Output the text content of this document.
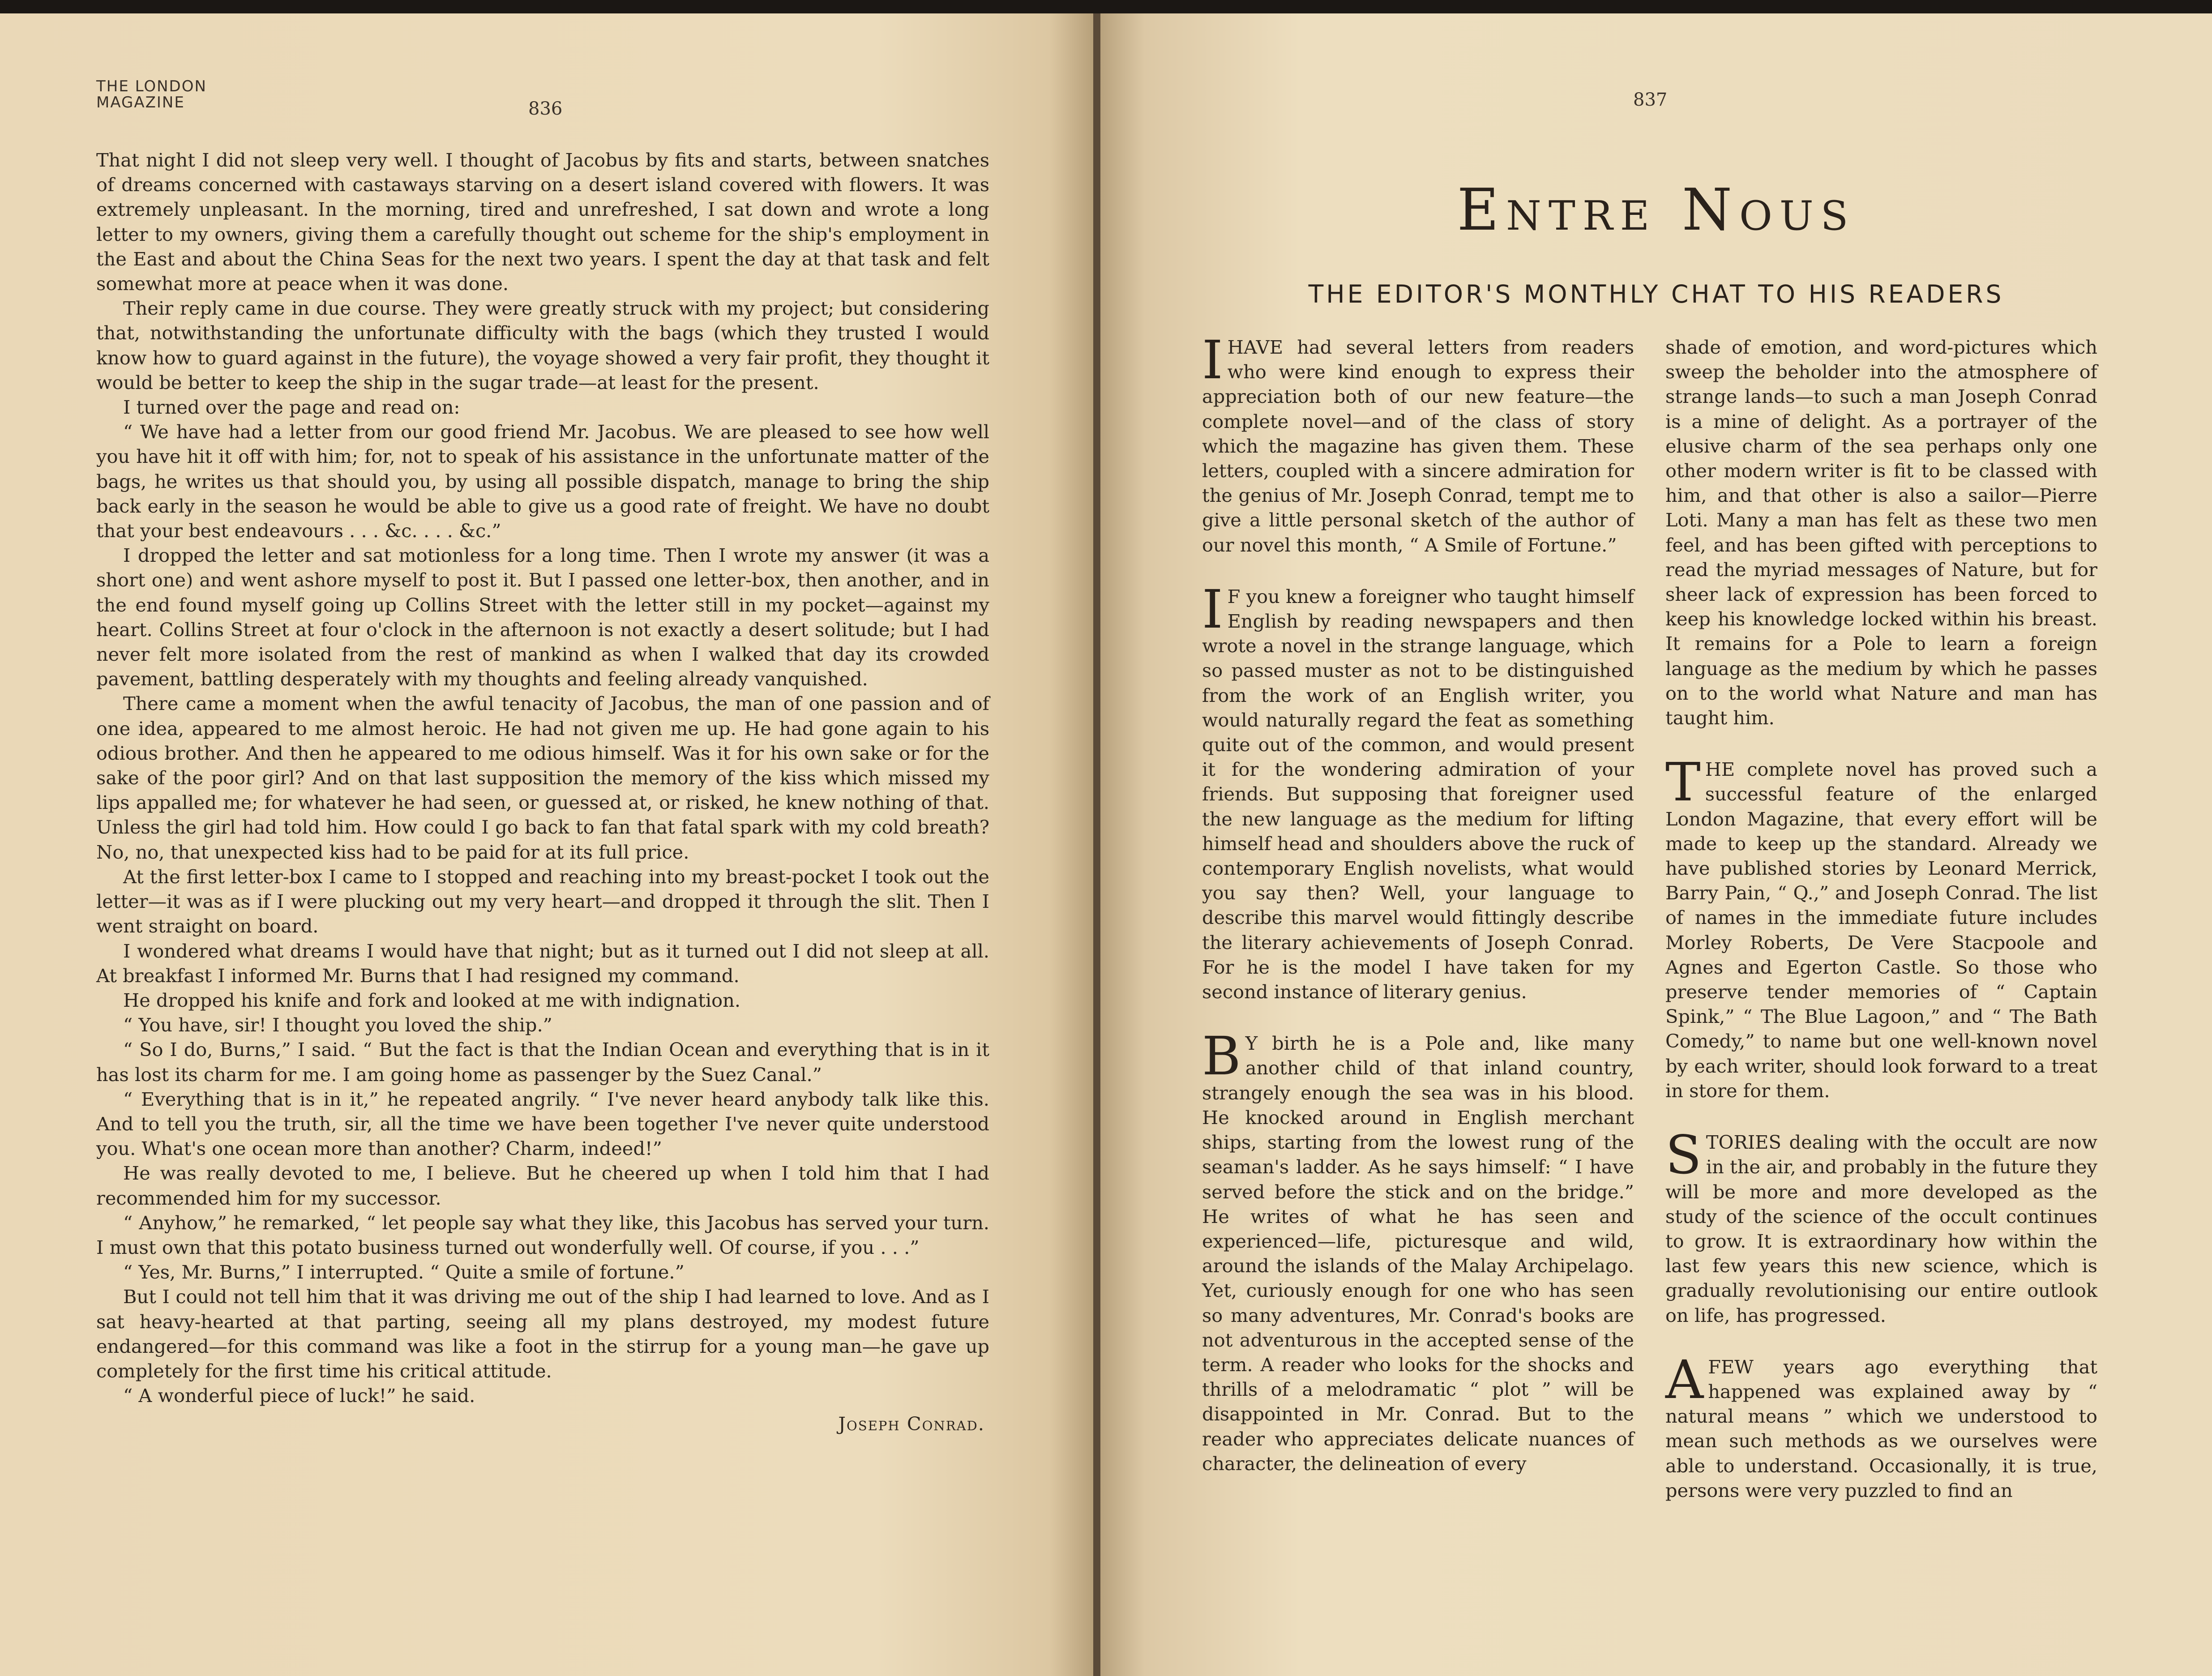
THE LONDON
MAGAZINE	836

That night I did not sleep very well. I thought of Jacobus by fits and starts, between snatches of dreams concerned with castaways starving on a desert island covered with flowers. It was extremely unpleasant. In the morning, tired and unrefreshed, I sat down and wrote a long letter to my owners, giving them a carefully thought out scheme for the ship's employment in the East and about the China Seas for the next two years. I spent the day at that task and felt somewhat more at peace when it was done.

Their reply came in due course. They were greatly struck with my project; but considering that, notwithstanding the unfortunate difficulty with the bags (which they trusted I would know how to guard against in the future), the voyage showed a very fair profit, they thought it would be better to keep the ship in the sugar trade—at least for the present.

I turned over the page and read on:

“ We have had a letter from our good friend Mr. Jacobus. We are pleased to see how well you have hit it off with him; for, not to speak of his assistance in the unfortunate matter of the bags, he writes us that should you, by using all possible dispatch, manage to bring the ship back early in the season he would be able to give us a good rate of freight. We have no doubt that your best endeavours . . . &c. . . . &c.”

I dropped the letter and sat motionless for a long time. Then I wrote my answer (it was a short one) and went ashore myself to post it. But I passed one letter-box, then another, and in the end found myself going up Collins Street with the letter still in my pocket—against my heart. Collins Street at four o'clock in the afternoon is not exactly a desert solitude; but I had never felt more isolated from the rest of mankind as when I walked that day its crowded pavement, battling desperately with my thoughts and feeling already vanquished.

There came a moment when the awful tenacity of Jacobus, the man of one passion and of one idea, appeared to me almost heroic. He had not given me up. He had gone again to his odious brother. And then he appeared to me odious himself. Was it for his own sake or for the sake of the poor girl? And on that last supposition the memory of the kiss which missed my lips appalled me; for whatever he had seen, or guessed at, or risked, he knew nothing of that. Unless the girl had told him. How could I go back to fan that fatal spark with my cold breath? No, no, that unexpected kiss had to be paid for at its full price.

At the first letter-box I came to I stopped and reaching into my breast-pocket I took out the letter—it was as if I were plucking out my very heart—and dropped it through the slit. Then I went straight on board.

I wondered what dreams I would have that night; but as it turned out I did not sleep at all. At breakfast I informed Mr. Burns that I had resigned my command.

He dropped his knife and fork and looked at me with indignation.

“ You have, sir! I thought you loved the ship.”

“ So I do, Burns,” I said. “ But the fact is that the Indian Ocean and everything that is in it has lost its charm for me. I am going home as passenger by the Suez Canal.”

“ Everything that is in it,” he repeated angrily. “ I've never heard anybody talk like this. And to tell you the truth, sir, all the time we have been together I've never quite understood you. What's one ocean more than another? Charm, indeed!”

He was really devoted to me, I believe. But he cheered up when I told him that I had recommended him for my successor.

“ Anyhow,” he remarked, “ let people say what they like, this Jacobus has served your turn. I must own that this potato business turned out wonderfully well. Of course, if you . . .”

“ Yes, Mr. Burns,” I interrupted. “ Quite a smile of fortune.”

But I could not tell him that it was driving me out of the ship I had learned to love. And as I sat heavy-hearted at that parting, seeing all my plans destroyed, my modest future endangered—for this command was like a foot in the stirrup for a young man—he gave up completely for the first time his critical attitude.

“ A wonderful piece of luck!” he said.

Joseph Conrad.
837
Entre Nous
THE EDITOR'S MONTHLY CHAT TO HIS READERS

I HAVE had several letters from readers who were kind enough to express their appreciation both of our new feature—the complete novel—and of the class of story which the magazine has given them. These letters, coupled with a sincere admiration for the genius of Mr. Joseph Conrad, tempt me to give a little personal sketch of the author of our novel this month, “ A Smile of Fortune.”

I F you knew a foreigner who taught himself English by reading newspapers and then wrote a novel in the strange language, which so passed muster as not to be distinguished from the work of an English writer, you would naturally regard the feat as something quite out of the common, and would present it for the wondering admiration of your friends. But supposing that foreigner used the new language as the medium for lifting himself head and shoulders above the ruck of contemporary English novelists, what would you say then? Well, your language to describe this marvel would fittingly describe the literary achievements of Joseph Conrad. For he is the model I have taken for my second instance of literary genius.

B Y birth he is a Pole and, like many another child of that inland country, strangely enough the sea was in his blood. He knocked around in English merchant ships, starting from the lowest rung of the seaman's ladder. As he says himself: “ I have served before the stick and on the bridge.” He writes of what he has seen and experienced—life, picturesque and wild, around the islands of the Malay Archipelago. Yet, curiously enough for one who has seen so many adventures, Mr. Conrad's books are not adventurous in the accepted sense of the term. A reader who looks for the shocks and thrills of a melodramatic “ plot ” will be disappointed in Mr. Conrad. But to the reader who appreciates delicate nuances of character, the delineation of every

shade of emotion, and word-pictures which sweep the beholder into the atmosphere of strange lands—to such a man Joseph Conrad is a mine of delight. As a portrayer of the elusive charm of the sea perhaps only one other modern writer is fit to be classed with him, and that other is also a sailor—Pierre Loti. Many a man has felt as these two men feel, and has been gifted with perceptions to read the myriad messages of Nature, but for sheer lack of expression has been forced to keep his knowledge locked within his breast. It remains for a Pole to learn a foreign language as the medium by which he passes on to the world what Nature and man has taught him.

THE complete novel has proved such a successful feature of the enlarged London Magazine, that every effort will be made to keep up the standard. Already we have published stories by Leonard Merrick, Barry Pain, “ Q.,” and Joseph Conrad. The list of names in the immediate future includes Morley Roberts, De Vere Stacpoole and Agnes and Egerton Castle. So those who preserve tender memories of “ Captain Spink,” “ The Blue Lagoon,” and “ The Bath Comedy,” to name but one well-known novel by each writer, should look forward to a treat in store for them.

STORIES dealing with the occult are now in the air, and probably in the future they will be more and more developed as the study of the science of the occult continues to grow. It is extraordinary how within the last few years this new science, which is gradually revolutionising our entire outlook on life, has progressed.

A FEW years ago everything that happened was explained away by “ natural means ” which we understood to mean such methods as we ourselves were able to understand. Occasionally, it is true, persons were very puzzled to find an
